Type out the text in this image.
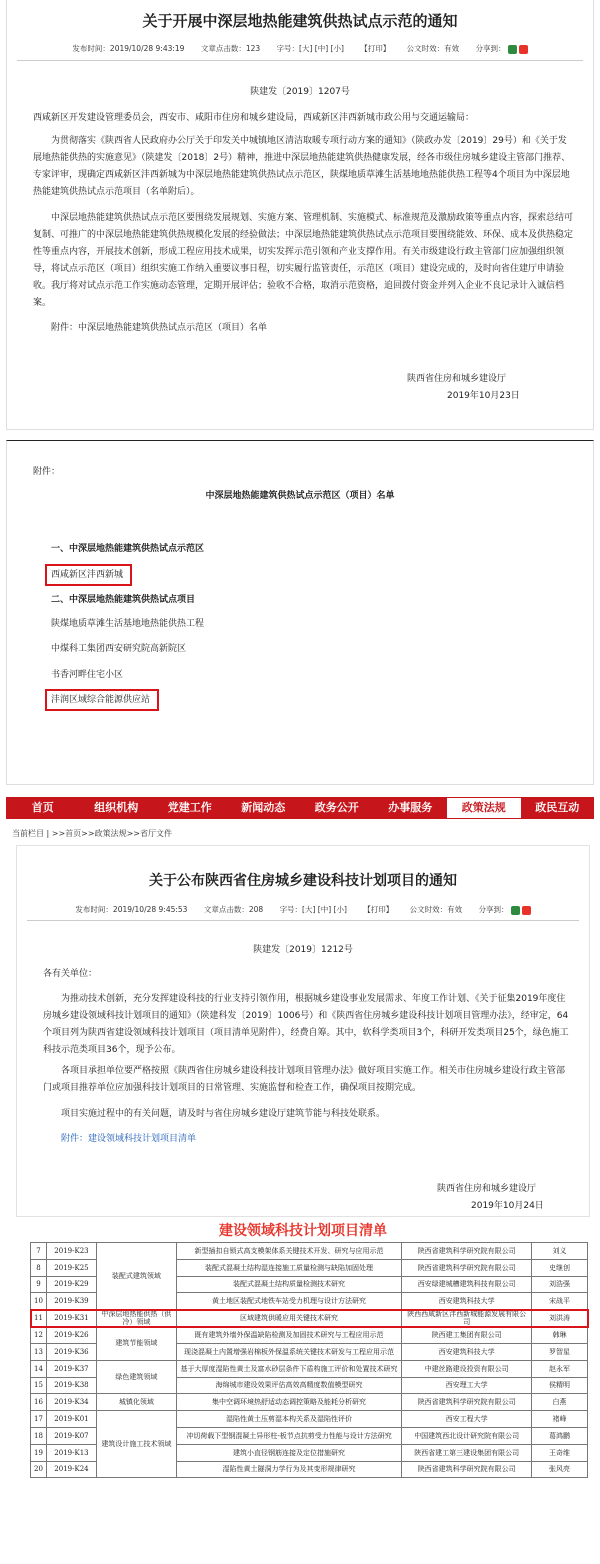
关于开展中深层地热能建筑供热试点示范的通知
发布时间：2019/10/28 9:43:19 文章点击数：123 字号：[大] [中] [小] 【打印】 公文时效：有效 分享到：
陕建发〔2019〕1207号
西咸新区开发建设管理委员会，西安市、咸阳市住房和城乡建设局，西咸新区沣西新城市政公用与交通运输局：
为贯彻落实《陕西省人民政府办公厅关于印发关中城镇地区清洁取暖专项行动方案的通知》（陕政办发〔2019〕29号）和《关于发展地热能供热的实施意见》（陕建发〔2018〕2号）精神，推进中深层地热能建筑供热健康发展，经各市级住房城乡建设主管部门推荐、专家评审，现确定西咸新区沣西新城为中深层地热能建筑供热试点示范区，陕煤地质草滩生活基地地热能供热工程等4个项目为中深层地热能建筑供热试点示范项目（名单附后）。
中深层地热能建筑供热试点示范区要围绕发展规划、实施方案、管理机制、实施模式、标准规范及激励政策等重点内容，探索总结可复制、可推广的中深层地热能建筑供热规模化发展的经验做法；中深层地热能建筑供热试点示范项目要围绕能效、环保、成本及供热稳定性等重点内容，开展技术创新，形成工程应用技术成果，切实发挥示范引领和产业支撑作用。有关市级建设行政主管部门应加强组织领导，将试点示范区（项目）组织实施工作纳入重要议事日程，切实履行监管责任，示范区（项目）建设完成的，及时向省住建厅申请验收。我厅将对试点示范工作实施动态管理，定期开展评估；验收不合格，取消示范资格，追回拨付资金并列入企业不良记录计入诚信档案。
附件：中深层地热能建筑供热试点示范区（项目）名单
陕西省住房和城乡建设厅
2019年10月23日
附件：
中深层地热能建筑供热试点示范区（项目）名单
一、中深层地热能建筑供热试点示范区
西咸新区沣西新城
二、中深层地热能建筑供热试点项目
陕煤地质草滩生活基地地热能供热工程
中煤科工集团西安研究院高新院区
书香河畔住宅小区
沣润区域综合能源供应站
首页	组织机构	党建工作	新闻动态	政务公开	办事服务	政策法规	政民互动
当前栏目 | >>首页>>政策法规>>省厅文件
关于公布陕西省住房城乡建设科技计划项目的通知
发布时间：2019/10/28 9:45:53 文章点击数：208 字号：[大] [中] [小] 【打印】 公文时效：有效 分享到：
陕建发〔2019〕1212号
各有关单位：
为推动技术创新，充分发挥建设科技的行业支持引领作用，根据城乡建设事业发展需求、年度工作计划、《关于征集2019年度住房城乡建设领域科技计划项目的通知》（陕建科发〔2019〕1006号）和《陕西省住房城乡建设科技计划项目管理办法》，经审定，64个项目列为陕西省建设领域科技计划项目（项目清单见附件），经费自筹。其中，软科学类项目3个，科研开发类项目25个，绿色施工科技示范类项目36个，现予公布。
各项目承担单位要严格按照《陕西省住房城乡建设科技计划项目管理办法》做好项目实施工作。相关市住房城乡建设行政主管部门或项目推荐单位应加强科技计划项目的日常管理、实施监督和检查工作，确保项目按期完成。
项目实施过程中的有关问题，请及时与省住房城乡建设厅建筑节能与科技处联系。
附件：建设领域科技计划项目清单
陕西省住房和城乡建设厅
2019年10月24日
建设领域科技计划项目清单
7	2019-K23	装配式建筑领域	新型插扣自锁式高支模架体系关键技术开发、研究与应用示范	陕西省建筑科学研究院有限公司	刘义
8	2019-K25		装配式混凝土结构湿连接施工质量检测与缺陷加固处理	陕西省建筑科学研究院有限公司	史继创
9	2019-K29		装配式混凝土结构质量检测技术研究	西安绿建城槽建筑科技有限公司	刘浩强
10	2019-K39		黄土地区装配式地铁车站受力机理与设计方法研究	西安建筑科技大学	宋战平
11	2019-K31	中深层地热能供热（供冷）领域	区域建筑供暖应用关键技术研究	陕西西咸新区沣西新城能源发展有限公司	刘洪涛
12	2019-K26	建筑节能领域	既有建筑外墙外保温缺陷检测及加固技术研究与工程应用示范	陕西建工集团有限公司	韩琳
13	2019-K36		现浇混凝土内置增强岩棉板外保温系统关键技术研发与工程应用示范	西安建筑科技大学	罗智星
14	2019-K37	绿色建筑领域	基于大厚度湿陷性黄土及富水砂层条件下盾构施工评价和处置技术研究	中建丝路建设投资有限公司	赵永军
15	2019-K38		海绵城市建设效果评估高效高精度数值模型研究	西安理工大学	侯精明
16	2019-K34	城镇化领域	集中空调环境热舒适动态调控策略及能耗分析研究	陕西省建筑科学研究院有限公司	白燕
17	2019-K01	建筑设计施工技术领域	湿陷性黄土压剪湿本构关系及湿陷性评价	西安工程大学	褚峰
18	2019-K07		冲切荷载下型钢混凝土异形柱-板节点抗剪受力性能与设计方法研究	中国建筑西北设计研究院有限公司	葛鸿鹏
19	2019-K13		建筑小直径钢筋连接及定位措施研究	陕西省建工第三建设集团有限公司	王奇维
20	2019-K24		湿陷性黄土隧洞力学行为及其变形规律研究	陕西省建筑科学研究院有限公司	张风亮
